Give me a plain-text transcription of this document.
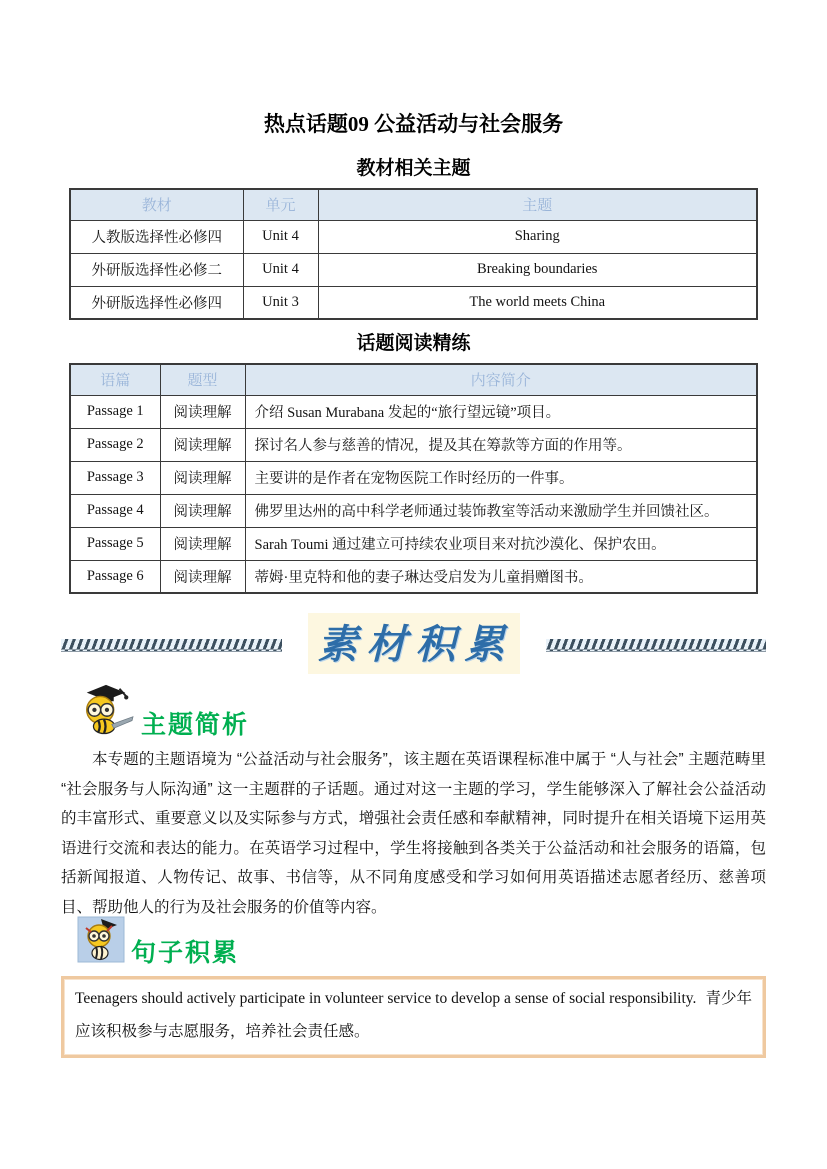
热点话题09 公益活动与社会服务
教材相关主题
教材	单元	主题
人教版选择性必修四	Unit 4	Sharing
外研版选择性必修二	Unit 4	Breaking boundaries
外研版选择性必修四	Unit 3	The world meets China
话题阅读精练
语篇	题型	内容简介
Passage 1	阅读理解	介绍 Susan Murabana 发起的“旅行望远镜”项目。
Passage 2	阅读理解	探讨名人参与慈善的情况，提及其在筹款等方面的作用等。
Passage 3	阅读理解	主要讲的是作者在宠物医院工作时经历的一件事。
Passage 4	阅读理解	佛罗里达州的高中科学老师通过装饰教室等活动来激励学生并回馈社区。
Passage 5	阅读理解	Sarah Toumi 通过建立可持续农业项目来对抗沙漠化、保护农田。
Passage 6	阅读理解	蒂姆·里克特和他的妻子琳达受启发为儿童捐赠图书。
素材积累
主题简析
本专题的主题语境为 “公益活动与社会服务”，该主题在英语课程标准中属于 “人与社会” 主题范畴里 “社会服务与人际沟通” 这一主题群的子话题。通过对这一主题的学习，学生能够深入了解社会公益活动的丰富形式、重要意义以及实际参与方式，增强社会责任感和奉献精神，同时提升在相关语境下运用英语进行交流和表达的能力。在英语学习过程中，学生将接触到各类关于公益活动和社会服务的语篇，包括新闻报道、人物传记、故事、书信等，从不同角度感受和学习如何用英语描述志愿者经历、慈善项目、帮助他人的行为及社会服务的价值等内容。
句子积累
Teenagers should actively participate in volunteer service to develop a sense of social responsibility. 青少年应该积极参与志愿服务，培养社会责任感。
